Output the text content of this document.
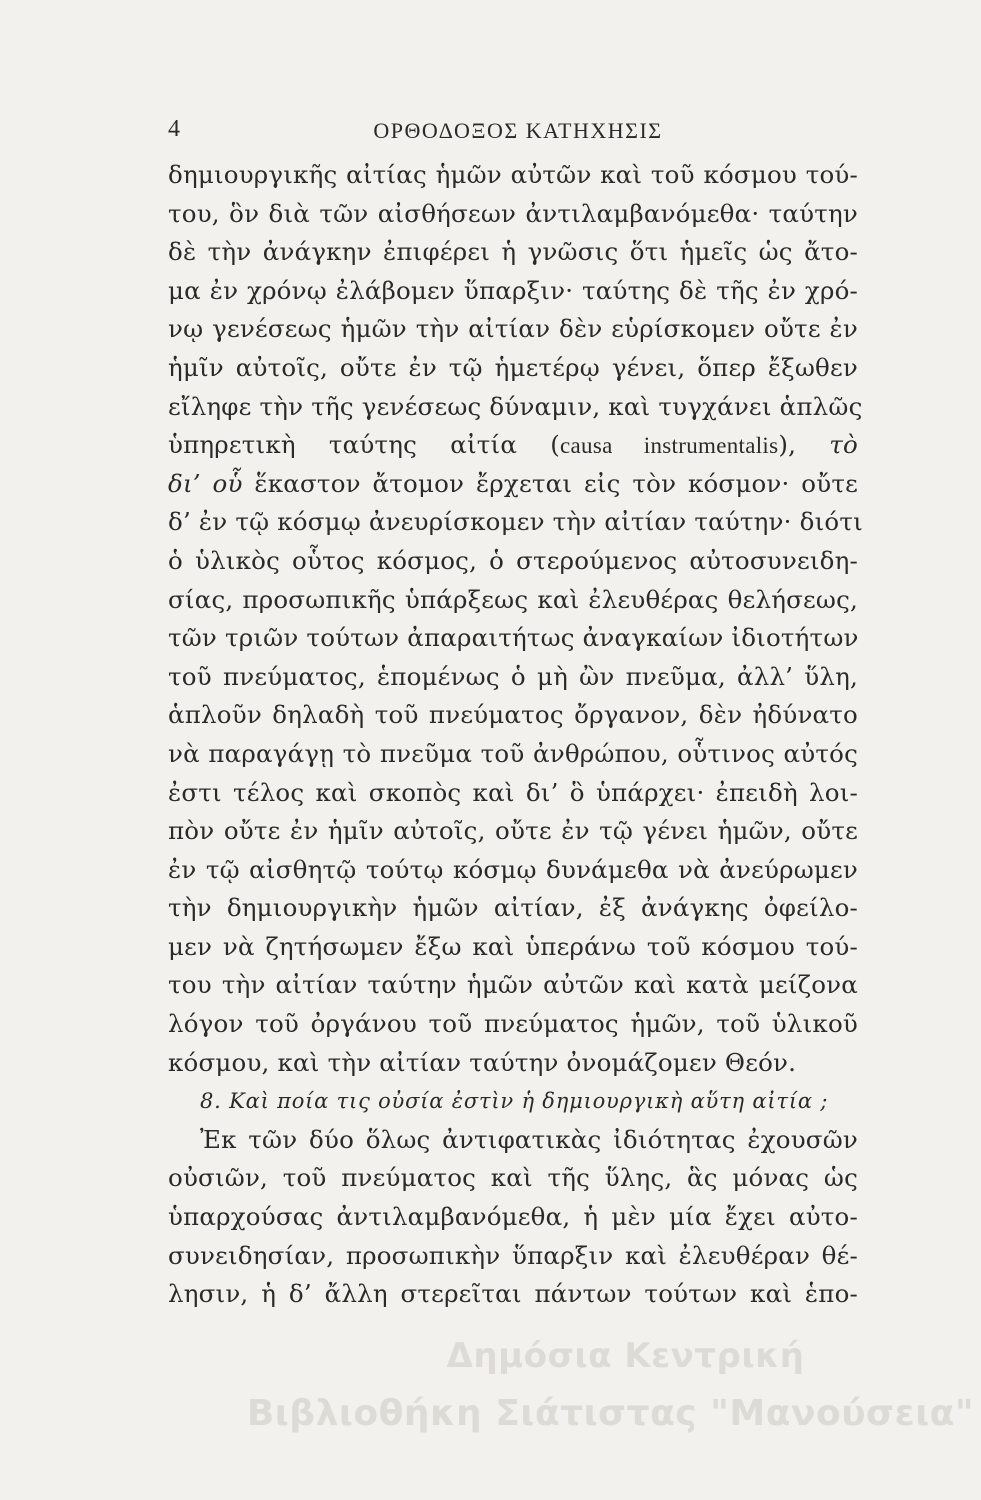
4	ΟΡΘΟΔΟΞΟΣ ΚΑΤΗΧΗΣΙΣ
δημιουργικῆς αἰτίας ἡμῶν αὐτῶν καὶ τοῦ κόσμου τού-
του, ὃν διὰ τῶν αἰσθήσεων ἀντιλαμβανόμεθα· ταύτην
δὲ τὴν ἀνάγκην ἐπιφέρει ἡ γνῶσις ὅτι ἡμεῖς ὡς ἄτο-
μα ἐν χρόνῳ ἐλάβομεν ὕπαρξιν· ταύτης δὲ τῆς ἐν χρό-
νῳ γενέσεως ἡμῶν τὴν αἰτίαν δὲν εὑρίσκομεν οὔτε ἐν
ἡμῖν αὐτοῖς, οὔτε ἐν τῷ ἡμετέρῳ γένει, ὅπερ ἔξωθεν
εἴληφε τὴν τῆς γενέσεως δύναμιν, καὶ τυγχάνει ἁπλῶς
ὑπηρετικὴ ταύτης αἰτία (causa instrumentalis), τὸ
δι’ οὗ ἕκαστον ἄτομον ἔρχεται εἰς τὸν κόσμον· οὔτε
δ’ ἐν τῷ κόσμῳ ἀνευρίσκομεν τὴν αἰτίαν ταύτην· διότι
ὁ ὑλικὸς οὗτος κόσμος, ὁ στερούμενος αὐτοσυνειδη-
σίας, προσωπικῆς ὑπάρξεως καὶ ἐλευθέρας θελήσεως,
τῶν τριῶν τούτων ἀπαραιτήτως ἀναγκαίων ἰδιοτήτων
τοῦ πνεύματος, ἑπομένως ὁ μὴ ὢν πνεῦμα, ἀλλ’ ὕλη,
ἁπλοῦν δηλαδὴ τοῦ πνεύματος ὄργανον, δὲν ἠδύνατο
νὰ παραγάγῃ τὸ πνεῦμα τοῦ ἀνθρώπου, οὗτινος αὐτός
ἐστι τέλος καὶ σκοπὸς καὶ δι’ ὃ ὑπάρχει· ἐπειδὴ λοι-
πὸν οὔτε ἐν ἡμῖν αὐτοῖς, οὔτε ἐν τῷ γένει ἡμῶν, οὔτε
ἐν τῷ αἰσθητῷ τούτῳ κόσμῳ δυνάμεθα νὰ ἀνεύρωμεν
τὴν δημιουργικὴν ἡμῶν αἰτίαν, ἐξ ἀνάγκης ὀφείλο-
μεν νὰ ζητήσωμεν ἔξω καὶ ὑπεράνω τοῦ κόσμου τού-
του τὴν αἰτίαν ταύτην ἡμῶν αὐτῶν καὶ κατὰ μείζονα
λόγον τοῦ ὀργάνου τοῦ πνεύματος ἡμῶν, τοῦ ὑλικοῦ
κόσμου, καὶ τὴν αἰτίαν ταύτην ὀνομάζομεν Θεόν.
8. Καὶ ποία τις οὐσία ἐστὶν ἡ δημιουργικὴ αὕτη αἰτία ;
Ἐκ τῶν δύο ὅλως ἀντιφατικὰς ἰδιότητας ἐχουσῶν
οὐσιῶν, τοῦ πνεύματος καὶ τῆς ὕλης, ἃς μόνας ὡς
ὑπαρχούσας ἀντιλαμβανόμεθα, ἡ μὲν μία ἔχει αὐτο-
συνειδησίαν, προσωπικὴν ὕπαρξιν καὶ ἐλευθέραν θέ-
λησιν, ἡ δ’ ἄλλη στερεῖται πάντων τούτων καὶ ἑπο-
Δημόσια Κεντρική
Βιβλιοθήκη Σιάτιστας "Μανούσεια"
